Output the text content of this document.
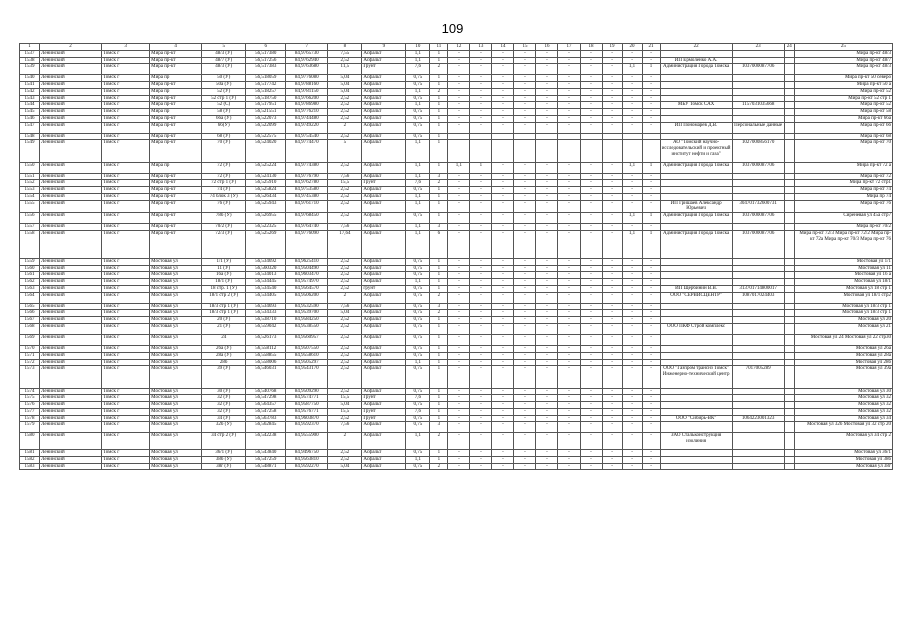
109
1	2	3	4	5	6	7	8	9	10	11	12	13	14	15	16	17	18	19	20	21	22	23	24	25
1537	Ленинский	Томск г	Мира пр-кт	48/3 (У)	56,517380	84,9765730	7,55	Асфальт	1,1	1	-	-	-	-	-	-	-	-	-	-				Мира пр-кт 48/3
1538	Ленинский	Томск г	Мира пр-кт	48/7 (У)	56,517256	84,9762940	2,52	Асфальт	1,1	1	-	-	-	-	-	-	-	-	-	-	ИП Ермоленко А.А.			Мира пр-кт 48/7
1539	Ленинский	Томск г	Мира пр-кт	48/3 (У)	56,517383	84,9763680	11,5	Грунт	7,6	2	-	-	-	-	-	-	-	-	1,1	1	Администрация Города Томска	1037000087706		Мира пр-кт 48/3
1540	Ленинский	Томск г	Мира пр	50 (У)	56,518059	84,9776080	5,04	Асфальт	0,75	1	-	-	-	-	-	-	-	-	-	-				Мира пр-кт 50 северо
1541	Ленинский	Томск г	Мира пр-кт	50а (У)	56,517742	84,9788160	5,04	Асфальт	0,75	1	-	-	-	-	-	-	-	-	-	-				Мира пр-кт 50 а
1542	Ленинский	Томск г	Мира пр	52 (У)	56,518257	84,9781150	5,04	Асфальт	1,1	2	-	-	-	-	-	-	-	-	-	-				Мира пр-кт 52
1543	Ленинский	Томск г	Мира пр-кт	52 стр 1 (У)	56,518750	84,9766200	2,52	Асфальт	0,75	1	-	-	-	-	-	-	-	-	-	-				Мира пр-кт 52 стр 1
1544	Ленинский	Томск г	Мира пр-кт	52 (С)	56,517951	84,9786980	2,52	Асфальт	1,1	1	-	-	-	-	-	-	-	-	-	-	МБУ Томск САХ	1157031035668		Мира пр-кт 52
1545	Ленинский	Томск г	Мира пр	58 (У)	56,521551	84,9776210	2,52	Асфальт	0,75	1	-	-	-	-	-	-	-	-	-	-				Мира пр-кт 58
1546	Ленинский	Томск г	Мира пр-кт	66а (У)	56,522073	84,9744480	2,52	Асфальт	0,75	1	-	-	-	-	-	-	-	-	-	-				Мира пр-кт 66а
1547	Ленинский	Томск г	Мира пр-кт	66(У)	56,522099	84,9749220	2	Асфальт	0,75	1	-	-	-	-	-	-	-	-	-	-	ИП Пономарев Д.В.	Персональные данные		Мира пр-кт 66
1548	Ленинский	Томск г	Мира пр-кт	68 (У)	56,522575	84,9754540	2,52	Асфальт	0,75	1														Мира пр-кт 68
1549	Ленинский	Томск г	Мира пр-кт	70 (У)	56,524020	84,9774470	5	Асфальт	1,1	1											АО "Томский научно-исследовательский и проектный институт нефти и газа"	1027000856170		Мира пр-кт 70
1550	Ленинский	Томск г	Мира пр	72 (У)	56,525224	84,9774380	2,52	Асфальт	1,1	1	1,1	1	-	-	-	-	-	-	1,1	1	Администрация Города Томска	1037000087706		Мира пр-кт 72 а
1551	Ленинский	Томск г	Мира пр-кт	72 (У)	56,524130	84,9776790	7,56	Асфальт	1,1	3	-	-	-	-	-	-	-	-	-	-				Мира пр-кт 72
1552	Ленинский	Томск г	Мира пр-кт	72 стр 1 (У)	56,525910	84,9762780	15,5	Грунт	7,6	2	-	-	-	-	-	-	-	-	-	-				Мира пр-кт 72 стр1
1553	Ленинский	Томск г	Мира пр-кт	74 (У)	56,525824	84,9753580	2,52	Асфальт	0,75	1	-	-	-	-	-	-	-	-	-	-				Мира пр-кт 74
1554	Ленинский	Томск г	Мира пр-кт	74 блок 3 (У)	56,526434	84,9745380	2,52	Асфальт	1,1	1	-	-	-	-	-	-	-	-	-	-				Мира пр 74
1555	Ленинский	Томск г	Мира пр-кт	76 (У)	56,525943	84,9761710	2,52	Асфальт	1,1	1	-	-	-	-	-	-	-	-	-	-	ИП Гришаев Александр Юрьевич	304701732600731		Мира пр-кт 76
1556	Ленинский	Томск г	Мира пр-кт	78б (У)	56,526955	84,9768450	2,52	Асфальт	0,75	1	-	-	-	-	-	-	-	-	1,1	1	Администрация Города Томска	1037000087706		Сиреневая ул 45а стр7
1557	Ленинский	Томск г	Мира пр-кт	70/2 (У)	56,522325	84,9764740	7,56	Асфальт	1,1	3	-	-	-	-	-	-	-	-	-	-				Мира пр-кт 70/2
1558	Ленинский	Томск г	Мира пр-кт	72/3 (У)	56,525269	84,9776090	17,64	Асфальт	1,1	6	-	-	-	-	-	-	-	-	1,1	1	Администрация Города Томска	1037000087706		Мира пр-кт 72/3 Мира пр-кт 72/2 Мира пр-кт 72а Мира пр-кт 70/3 Мира пр-кт 76
1559	Ленинский	Томск г	Мостовая ул	1/1 (У)	56,534692	84,9625410	2,52	Асфальт	0,75	1	-	-	-	-	-	-	-	-	-	-				Мостовая ул 1/1
1560	Ленинский	Томск г	Мостовая ул	11 (У)	56,560320	84,9504490	2,52	Асфальт	0,75	1	-	-	-	-	-	-	-	-	-	-				Мостовая ул 11
1561	Ленинский	Томск г	Мостовая ул	16а (У)	56,534013	84,9603470	2,52	Асфальт	0,75	1	-	-	-	-	-	-	-	-	-	-				Мостовая ул 16 а
1562	Ленинский	Томск г	Мостовая ул	18/1 (У)	56,534445	84,9574970	2,52	Асфальт	1,1	1	-	-	-	-	-	-	-	-	-	-				Мостовая ул 18/1
1563	Ленинский	Томск г	Мостовая ул	18 стр. 1 (У)	56,534540	84,9564570	2,52	грунт	0,75	1	-	-	-	-	-	-	-	-	-	-	ИП Щербинин В.В.	313701714800017		Мостовая ул 18 стр 1
1564	Ленинский	Томск г	Мостовая ул	18/1 стр 2 (У)	56,534405	84,9506200	2	Асфальт	0,75	2	-	-	-	-	-	-	-	-	-	-	ООО "СЕРВИСЦЕНТР"	1087017024403		Мостовая ул 18/1 стр2
1565	Ленинский	Томск г	Мостовая ул	18/3 стр 1 (У)	56,534693	84,9532590	7,56	Асфальт	0,75	3	-	-	-	-	-	-	-	-	-	-				Мостовая ул 18/3 стр 1
1566	Ленинский	Томск г	Мостовая ул	18/3 стр 1 (У)	56,534333	84,9539700	5,04	Асфальт	0,75	2	-	-	-	-	-	-	-	-	-	-				Мостовая ул 18/3 стр 1
1567	Ленинский	Томск г	Мостовая ул	20 (У)	56,538710	84,9584250	2,52	Асфальт	0,75	1	-	-	-	-	-	-	-	-	-	-				Мостовая ул 20
1568	Ленинский	Томск г	Мостовая ул	21 (У)	56,559042	84,9538550	2,52	Асфальт	0,75	1	-	-	-	-	-	-	-	-	-	-	ООО ПКФ Строй комплекс			Мостовая ул 21
1569	Ленинский	Томск г	Мостовая ул	24	56,526173	84,9560957	2,52	Асфальт	0,75	1	-	-	-	-	-	-	-	-	-	-				Мостовая ул 24 Мостовая ул 22 стр30
1570	Ленинский	Томск г	Мостовая ул	26а (У)	56,558112	84,9507550	2,52	Асфальт	0,75	1	-	-	-	-	-	-	-	-	-	-				Мостовая ул 26а
1571	Ленинский	Томск г	Мостовая ул	28а (У)	56,558855	84,9558610	2,52	Асфальт	0,75	1	-	-	-	-	-	-	-	-	-	-				Мостовая ул 28а
1572	Ленинский	Томск г	Мостовая ул	28б	56,558006	84,9505297	2,52	Асфальт	1,1	1	-	-	-	-	-	-	-	-	-	-				Мостовая ул 28б
1573	Ленинский	Томск г	Мостовая ул	39 (У)	56,546031	84,9543170	2,52	Асфальт	0,75	1	-	-	-	-	-	-	-	-	-	-	ООО "Газпром транснз Томск" Инженерно-технический центр	7017005289		Мостовая ул 39а
1574	Ленинский	Томск г	Мостовая ул	30 (У)	56,540768	84,9509290	2,52	Асфальт	0,75	1	-	-	-	-	-	-	-	-	-	-				Мостовая ул 30
1575	Ленинский	Томск г	Мостовая ул	32 (У)	56,547298	84,9574771	15,5	Грунт	7,6	1	-	-	-	-	-	-	-	-	-	-				Мостовая ул 32
1576	Ленинский	Томск г	Мостовая ул	32 (У)	56,564357	84,9587750	5,04	Асфальт	0,75	1	-	-	-	-	-	-	-	-	-	-				Мостовая ул 32
1577	Ленинский	Томск г	Мостовая ул	32 (У)	56,547258	84,9576771	15,5	Грунт	7,6	1	-	-	-	-	-	-	-	-	-	-				Мостовая ул 32
1578	Ленинский	Томск г	Мостовая ул	34 (У)	56,563783	84,9603870	2,52	Грунт	0,75	1	-	-	-	-	-	-	-	-	-	-	ООО "Сибирь-ВК"	1064223001323		Мостовая ул 34
1579	Ленинский	Томск г	Мостовая ул	32б (У)	56,562845	84,9592370	7,56	Асфальт	0,75	3	-	-	-	-	-	-	-	-	-	-				Мостовая ул 32б Мостовая ул 32 стр 20
1580	Ленинский	Томск г	Мостовая ул	34 стр 2 (У)	56,542238	84,9555900	2	Асфальт	1,1	2	-	-	-	-	-	-	-	-	-	-	ЗАО Стальконструкция изолиния			Мостовая ул 34 стр 2
1581	Ленинский	Томск г	Мостовая ул	36/1 (У)	56,543840	84,9496750	2,52	Асфальт	0,75	1	-	-	-	-	-	-	-	-	-	-				Мостовая ул 36/1
1582	Ленинский	Томск г	Мостовая ул	38б (У)	56,547259	84,9563810	2,52	Асфальт	1,1	1	-	-	-	-	-	-	-	-	-	-				Мостовая ул 38б
1583	Ленинский	Томск г	Мостовая ул	38г (У)	56,548871	84,9592270	5,04	Асфальт	0,75	2	-	-	-	-	-	-	-	-	-	-				Мостовая ул 38г
